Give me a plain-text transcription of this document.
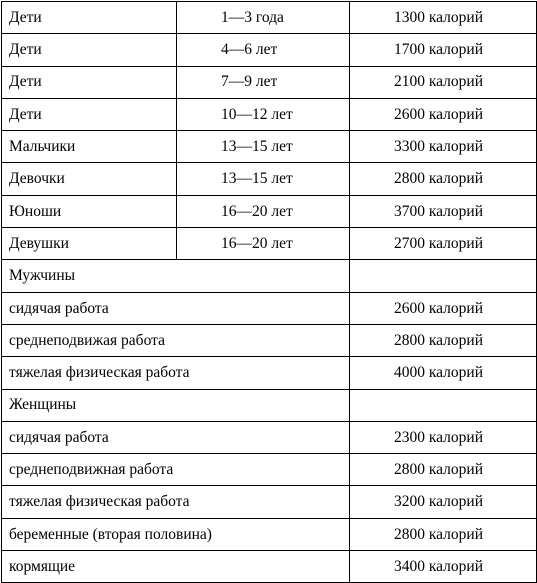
Дети	1—3 года	1300 калорий
Дети	4—6 лет	1700 калорий
Дети	7—9 лет	2100 калорий
Дети	10—12 лет	2600 калорий
Мальчики	13—15 лет	3300 калорий
Девочки	13—15 лет	2800 калорий
Юноши	16—20 лет	3700 калорий
Девушки	16—20 лет	2700 калорий
Мужчины		
сидячая работа		2600 калорий
среднеподвижая работа		2800 калорий
тяжелая физическая работа		4000 калорий
Женщины		
сидячая работа		2300 калорий
среднеподвижная работа		2800 калорий
тяжелая физическая работа		3200 калорий
беременные (вторая половина)		2800 калорий
кормящие		3400 калорий
